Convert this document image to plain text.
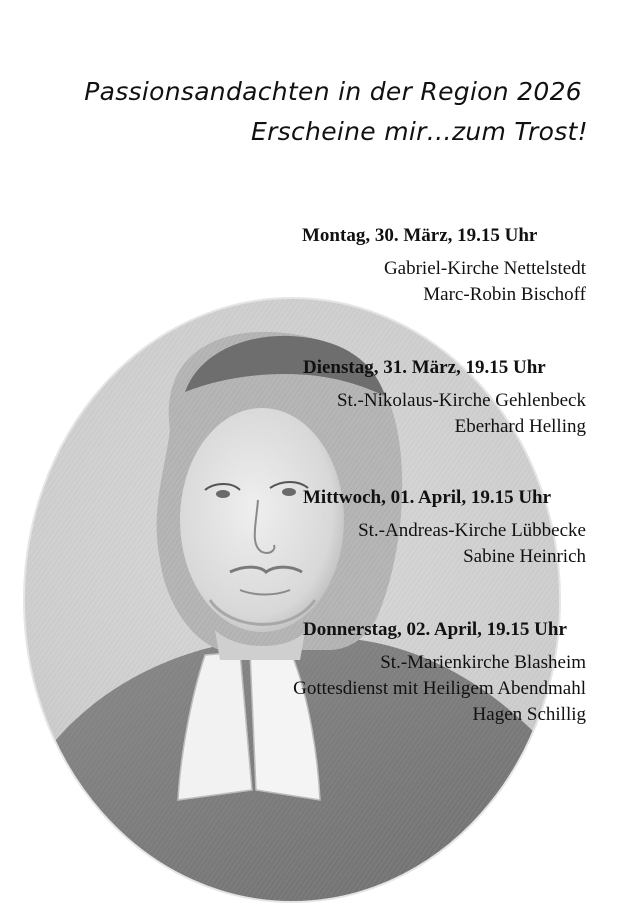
Passionsandachten in der Region 2026
Erscheine mir…zum Trost!
Montag, 30. März, 19.15 Uhr
Gabriel-Kirche Nettelstedt
Marc-Robin Bischoff
Dienstag, 31. März, 19.15 Uhr
St.-Nikolaus-Kirche Gehlenbeck
Eberhard Helling
Mittwoch, 01. April, 19.15 Uhr
St.-Andreas-Kirche Lübbecke
Sabine Heinrich
Donnerstag, 02. April, 19.15 Uhr
St.-Marienkirche Blasheim
Gottesdienst mit Heiligem Abendmahl
Hagen Schillig
